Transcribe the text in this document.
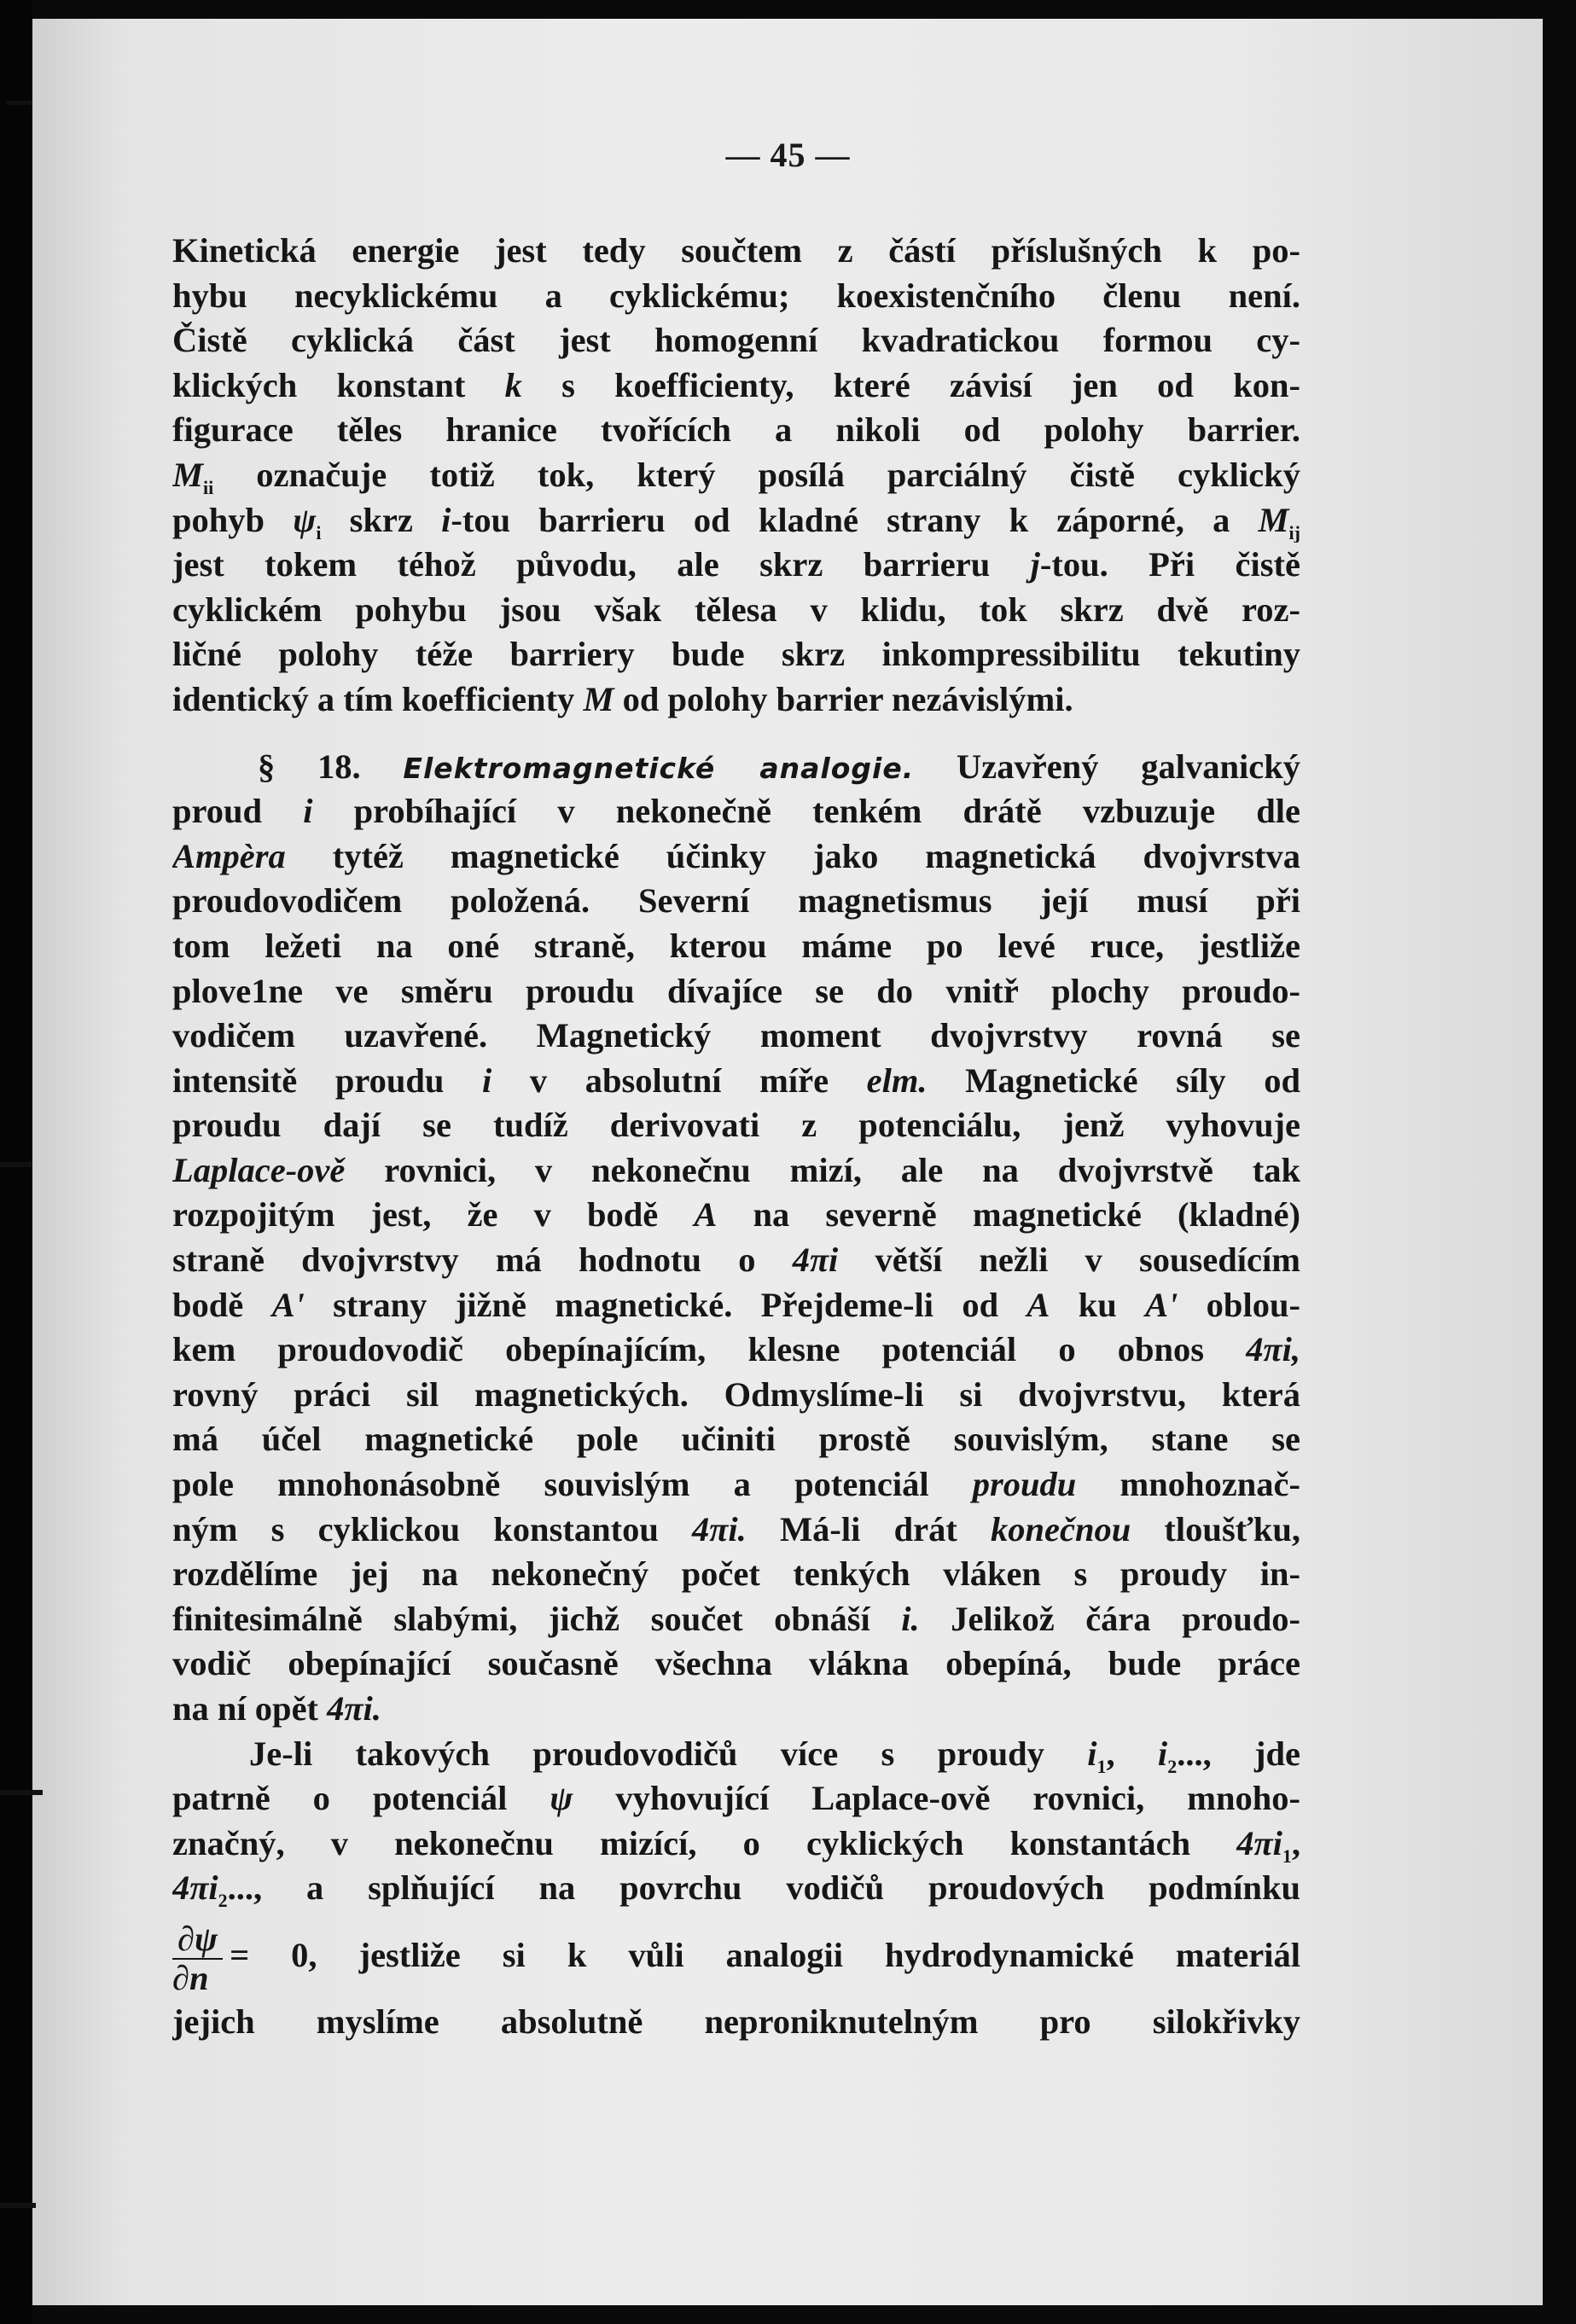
— 45 —
Kinetická energie jest tedy součtem z částí příslušných k po-
hybu necyklickému a cyklickému; koexistenčního členu není.
Čistě cyklická část jest homogenní kvadratickou formou cy-
klických konstant k s koefficienty, které závisí jen od kon-
figurace těles hranice tvořících a nikoli od polohy barrier.
$M_{ii}$ označuje totiž tok, který posílá parciálný čistě cyklický
pohyb $\psi_i$ skrz i-tou barrieru od kladné strany k záporné, a $M_{ij}$
jest tokem téhož původu, ale skrz barrieru j-tou. Při čistě
cyklickém pohybu jsou však tělesa v klidu, tok skrz dvě roz-
ličné polohy téže barriery bude skrz inkompressibilitu tekutiny
identický a tím koefficienty M od polohy barrier nezávislými.
§ 18. Elektromagnetické analogie. Uzavřený galvanický
proud i probíhající v nekonečně tenkém drátě vzbuzuje dle
Ampèra tytéž magnetické účinky jako magnetická dvojvrstva
proudovodičem položená. Severní magnetismus její musí při
tom ležeti na oné straně, kterou máme po levé ruce, jestliže
plove1ne ve směru proudu dívajíce se do vnitř plochy proudo-
vodičem uzavřené. Magnetický moment dvojvrstvy rovná se
intensitě proudu i v absolutní míře elm. Magnetické síly od
proudu dají se tudíž derivovati z potenciálu, jenž vyhovuje
Laplace-ově rovnici, v nekonečnu mizí, ale na dvojvrstvě tak
rozpojitým jest, že v bodě A na severně magnetické (kladné)
straně dvojvrstvy má hodnotu o 4πi větší nežli v sousedícím
bodě A' strany jižně magnetické. Přejdeme-li od A ku A' oblou-
kem proudovodič obepínajícím, klesne potenciál o obnos 4πi,
rovný práci sil magnetických. Odmyslíme-li si dvojvrstvu, která
má účel magnetické pole učiniti prostě souvislým, stane se
pole mnohonásobně souvislým a potenciál proudu mnohoznač-
ným s cyklickou konstantou 4πi. Má-li drát konečnou tloušťku,
rozdělíme jej na nekonečný počet tenkých vláken s proudy in-
finitesimálně slabými, jichž součet obnáší i. Jelikož čára proudo-
vodič obepínající současně všechna vlákna obepíná, bude práce
na ní opět 4πi.
Je-li takových proudovodičů více s proudy $i_1$, $i_2$..., jde
patrně o potenciál ψ vyhovující Laplace-ově rovnici, mnoho-
značný, v nekonečnu mizící, o cyklických konstantách $4\pi i_1$,
$4\pi i_2$..., a splňující na povrchu vodičů proudových podmínku
$\frac{\partial\psi}{\partial n} = 0$, jestliže si k vůli analogii hydrodynamické materiál
jejich myslíme absolutně neproniknutelným pro silokřivky
